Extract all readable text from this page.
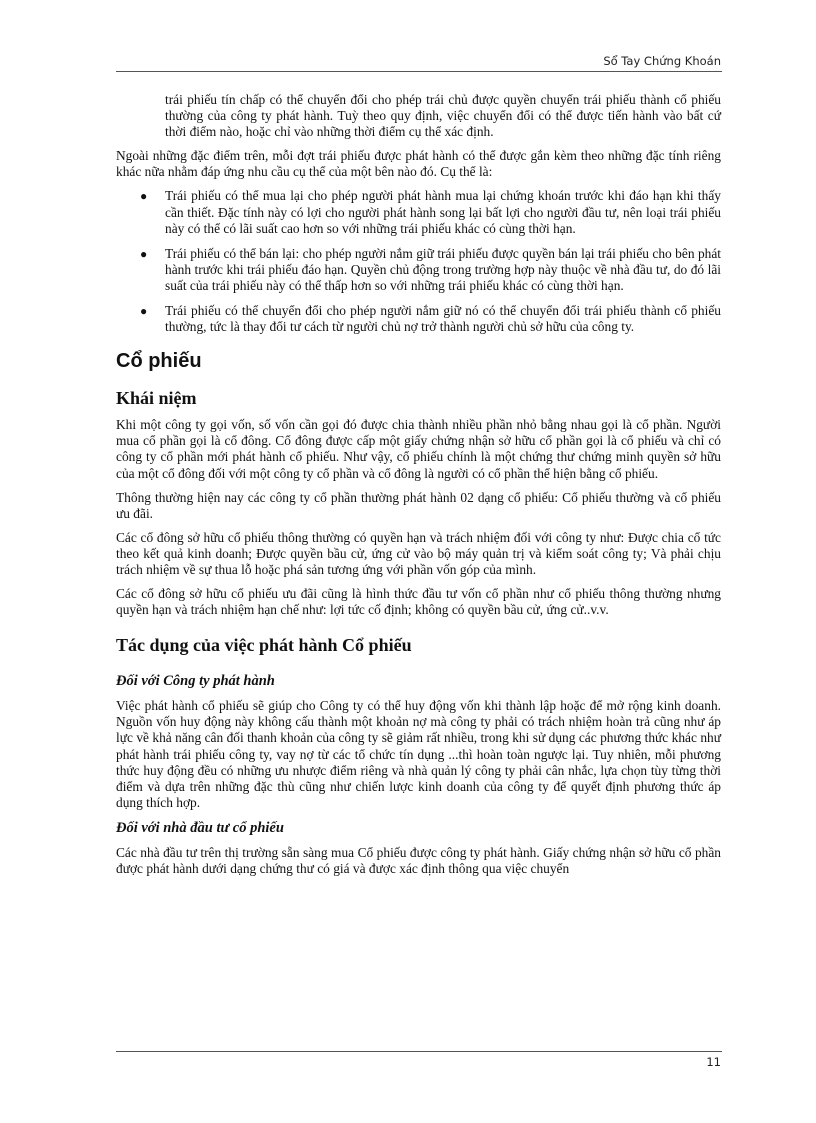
Sổ Tay Chứng Khoán

trái phiếu tín chấp có thể chuyển đổi cho phép trái chủ được quyền chuyển trái phiếu thành cổ phiếu thường của công ty phát hành. Tuỳ theo quy định, việc chuyển đổi có thể được tiến hành vào bất cứ thời điểm nào, hoặc chỉ vào những thời điểm cụ thể xác định.

Ngoài những đặc điểm trên, mỗi đợt trái phiếu được phát hành có thể được gắn kèm theo những đặc tính riêng khác nữa nhằm đáp ứng nhu cầu cụ thể của một bên nào đó. Cụ thể là:

● Trái phiếu có thể mua lại cho phép người phát hành mua lại chứng khoán trước khi đáo hạn khi thấy cần thiết. Đặc tính này có lợi cho người phát hành song lại bất lợi cho người đầu tư, nên loại trái phiếu này có thể có lãi suất cao hơn so với những trái phiếu khác có cùng thời hạn.
● Trái phiếu có thể bán lại: cho phép người nắm giữ trái phiếu được quyền bán lại trái phiếu cho bên phát hành trước khi trái phiếu đáo hạn. Quyền chủ động trong trường hợp này thuộc về nhà đầu tư, do đó lãi suất của trái phiếu này có thể thấp hơn so với những trái phiếu khác có cùng thời hạn.
● Trái phiếu có thể chuyển đổi cho phép người nắm giữ nó có thể chuyển đổi trái phiếu thành cổ phiếu thường, tức là thay đổi tư cách từ người chủ nợ trở thành người chủ sở hữu của công ty.
Cổ phiếu
Khái niệm

Khi một công ty gọi vốn, số vốn cần gọi đó được chia thành nhiều phần nhỏ bằng nhau gọi là cổ phần. Người mua cổ phần gọi là cổ đông. Cổ đông được cấp một giấy chứng nhận sở hữu cổ phần gọi là cổ phiếu và chỉ có công ty cổ phần mới phát hành cổ phiếu. Như vậy, cổ phiếu chính là một chứng thư chứng minh quyền sở hữu của một cổ đông đối với một công ty cổ phần và cổ đông là người có cổ phần thể hiện bằng cổ phiếu.

Thông thường hiện nay các công ty cổ phần thường phát hành 02 dạng cổ phiếu: Cổ phiếu thường và cổ phiếu ưu đãi.

Các cổ đông sở hữu cổ phiếu thông thường có quyền hạn và trách nhiệm đối với công ty như: Được chia cổ tức theo kết quả kinh doanh; Được quyền bầu cử, ứng cử vào bộ máy quản trị và kiểm soát công ty; Và phải chịu trách nhiệm về sự thua lỗ hoặc phá sản tương ứng với phần vốn góp của mình.

Các cổ đông sở hữu cổ phiếu ưu đãi cũng là hình thức đầu tư vốn cổ phần như cổ phiếu thông thường nhưng quyền hạn và trách nhiệm hạn chế như: lợi tức cố định; không có quyền bầu cử, ứng cử..v.v.

Tác dụng của việc phát hành Cổ phiếu
Đối với Công ty phát hành

Việc phát hành cổ phiếu sẽ giúp cho Công ty có thể huy động vốn khi thành lập hoặc để mở rộng kinh doanh. Nguồn vốn huy động này không cấu thành một khoản nợ mà công ty phải có trách nhiệm hoàn trả cũng như áp lực về khả năng cân đối thanh khoản của công ty sẽ giảm rất nhiều, trong khi sử dụng các phương thức khác như phát hành trái phiếu công ty, vay nợ từ các tổ chức tín dụng ...thì hoàn toàn ngược lại. Tuy nhiên, mỗi phương thức huy động đều có những ưu nhược điểm riêng và nhà quản lý công ty phải cân nhắc, lựa chọn tùy từng thời điểm và dựa trên những đặc thù cũng như chiến lược kinh doanh của công ty để quyết định phương thức áp dụng thích hợp.

Đối với nhà đầu tư cổ phiếu

Các nhà đầu tư trên thị trường sẵn sàng mua Cổ phiếu được công ty phát hành. Giấy chứng nhận sở hữu cổ phần được phát hành dưới dạng chứng thư có giá và được xác định thông qua việc chuyển

11
